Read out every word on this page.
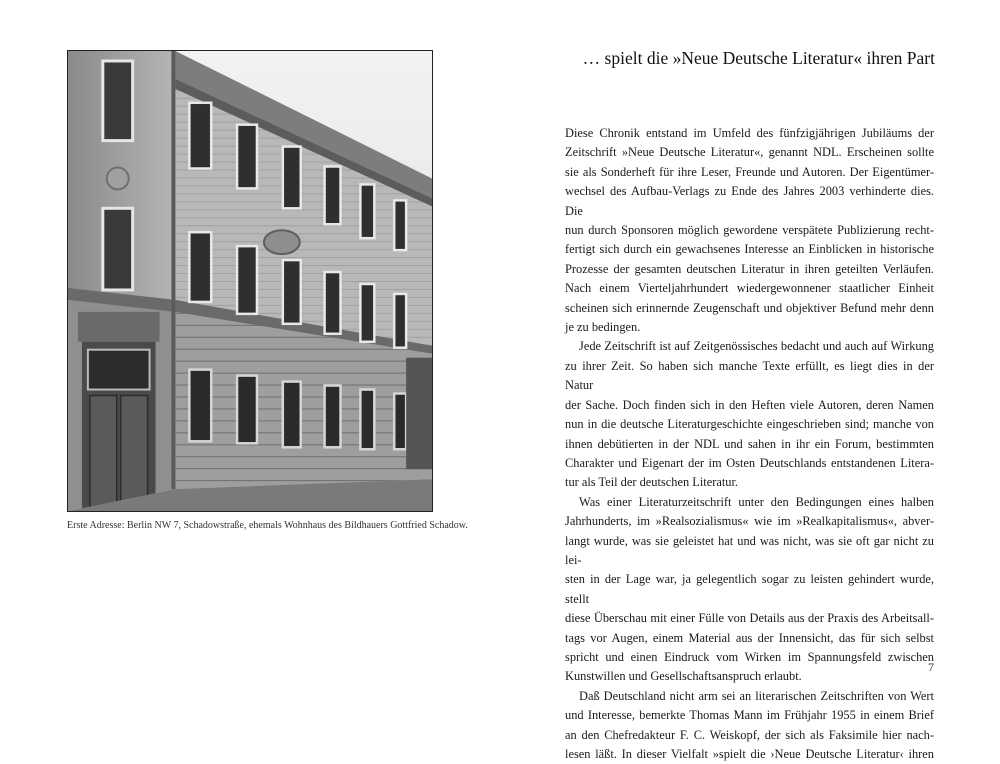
Erste Adresse: Berlin NW 7, Schadowstraße, ehemals Wohnhaus des Bildhauers Gottfried Schadow.
… spielt die »Neue Deutsche Literatur« ihren Part

Diese Chronik entstand im Umfeld des fünfzigjährigen Jubiläums der
Zeitschrift »Neue Deutsche Literatur«, genannt NDL. Erscheinen sollte
sie als Sonderheft für ihre Leser, Freunde und Autoren. Der Eigentümer-
wechsel des Aufbau-Verlags zu Ende des Jahres 2003 verhinderte dies. Die
nun durch Sponsoren möglich gewordene verspätete Publizierung recht-
fertigt sich durch ein gewachsenes Interesse an Einblicken in historische
Prozesse der gesamten deutschen Literatur in ihren geteilten Verläufen.
Nach einem Vierteljahrhundert wiedergewonnener staatlicher Einheit
scheinen sich erinnernde Zeugenschaft und objektiver Befund mehr denn
je zu bedingen.

Jede Zeitschrift ist auf Zeitgenössisches bedacht und auch auf Wirkung
zu ihrer Zeit. So haben sich manche Texte erfüllt, es liegt dies in der Natur
der Sache. Doch finden sich in den Heften viele Autoren, deren Namen
nun in die deutsche Literaturgeschichte eingeschrieben sind; manche von
ihnen debütierten in der NDL und sahen in ihr ein Forum, bestimmten
Charakter und Eigenart der im Osten Deutschlands entstandenen Litera-
tur als Teil der deutschen Literatur.

Was einer Literaturzeitschrift unter den Bedingungen eines halben
Jahrhunderts, im »Realsozialismus« wie im »Realkapitalismus«, abver-
langt wurde, was sie geleistet hat und was nicht, was sie oft gar nicht zu lei-
sten in der Lage war, ja gelegentlich sogar zu leisten gehindert wurde, stellt
diese Überschau mit einer Fülle von Details aus der Praxis des Arbeitsall-
tags vor Augen, einem Material aus der Innensicht, das für sich selbst
spricht und einen Eindruck vom Wirken im Spannungsfeld zwischen
Kunstwillen und Gesellschaftsanspruch erlaubt.

Daß Deutschland nicht arm sei an literarischen Zeitschriften von Wert
und Interesse, bemerkte Thomas Mann im Frühjahr 1955 in einem Brief
an den Chefredakteur F. C. Weiskopf, der sich als Faksimile hier nach-
lesen läßt. In dieser Vielfalt »spielt die ›Neue Deutsche Literatur‹ ihren

7
